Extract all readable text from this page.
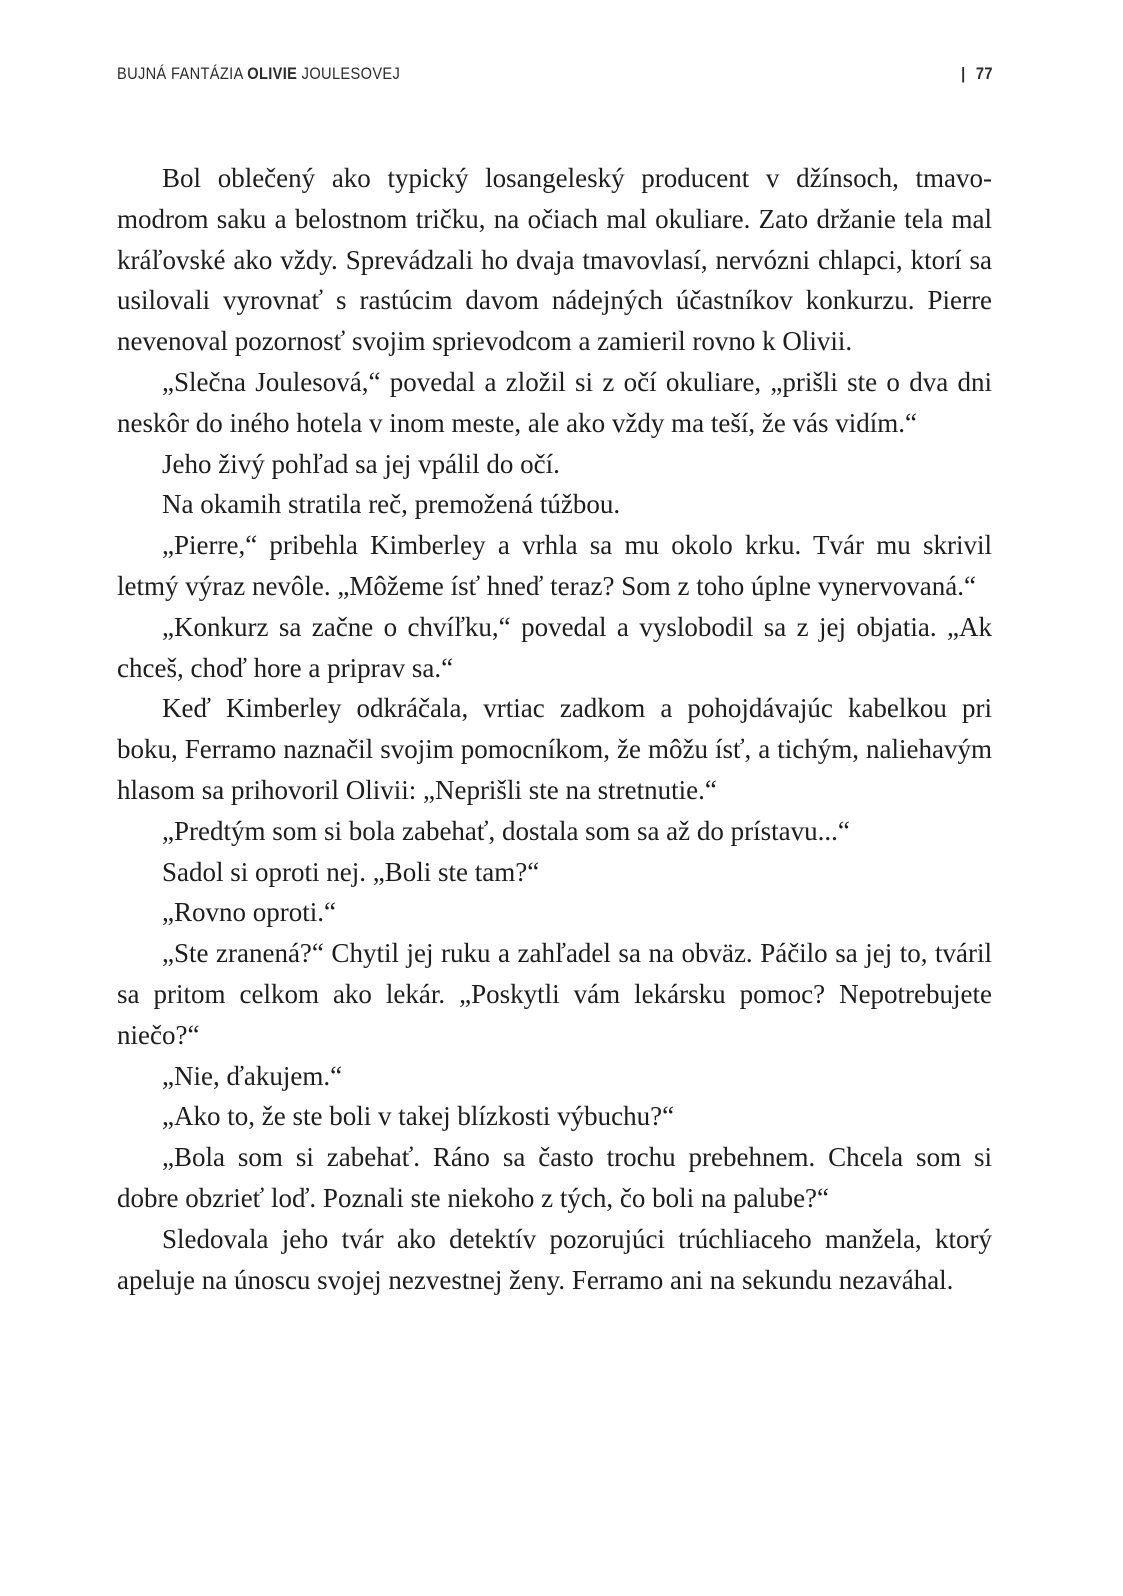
BUJNÁ FANTÁZIA OLIVIE JOULESOVEJ	| 77

Bol oblečený ako typický losangeleský producent v džínsoch, tmavomodrom saku a belostnom tričku, na očiach mal okuliare. Zato držanie tela mal kráľovské ako vždy. Sprevádzali ho dvaja tmavovlasí, nervózni chlapci, ktorí sa usilovali vyrovnať s rastúcim davom nádejných účastníkov konkurzu. Pierre nevenoval pozornosť svojim sprievodcom a zamieril rovno k Olivii.

„Slečna Joulesová,“ povedal a zložil si z očí okuliare, „prišli ste o dva dni neskôr do iného hotela v inom meste, ale ako vždy ma teší, že vás vidím.“

Jeho živý pohľad sa jej vpálil do očí.

Na okamih stratila reč, premožená túžbou.

„Pierre,“ pribehla Kimberley a vrhla sa mu okolo krku. Tvár mu skrivil letmý výraz nevôle. „Môžeme ísť hneď teraz? Som z toho úplne vynervovaná.“

„Konkurz sa začne o chvíľku,“ povedal a vyslobodil sa z jej objatia. „Ak chceš, choď hore a priprav sa.“

Keď Kimberley odkráčala, vrtiac zadkom a pohojdávajúc kabelkou pri boku, Ferramo naznačil svojim pomocníkom, že môžu ísť, a tichým, naliehavým hlasom sa prihovoril Olivii: „Neprišli ste na stretnutie.“

„Predtým som si bola zabehať, dostala som sa až do prístavu...“

Sadol si oproti nej. „Boli ste tam?“

„Rovno oproti.“

„Ste zranená?“ Chytil jej ruku a zahľadel sa na obväz. Páčilo sa jej to, tváril sa pritom celkom ako lekár. „Poskytli vám lekársku pomoc? Nepotrebujete niečo?“

„Nie, ďakujem.“

„Ako to, že ste boli v takej blízkosti výbuchu?“

„Bola som si zabehať. Ráno sa často trochu prebehnem. Chcela som si dobre obzrieť loď. Poznali ste niekoho z tých, čo boli na palube?“

Sledovala jeho tvár ako detektív pozorujúci trúchliaceho manžela, ktorý apeluje na únoscu svojej nezvestnej ženy. Ferramo ani na sekundu nezaváhal.
